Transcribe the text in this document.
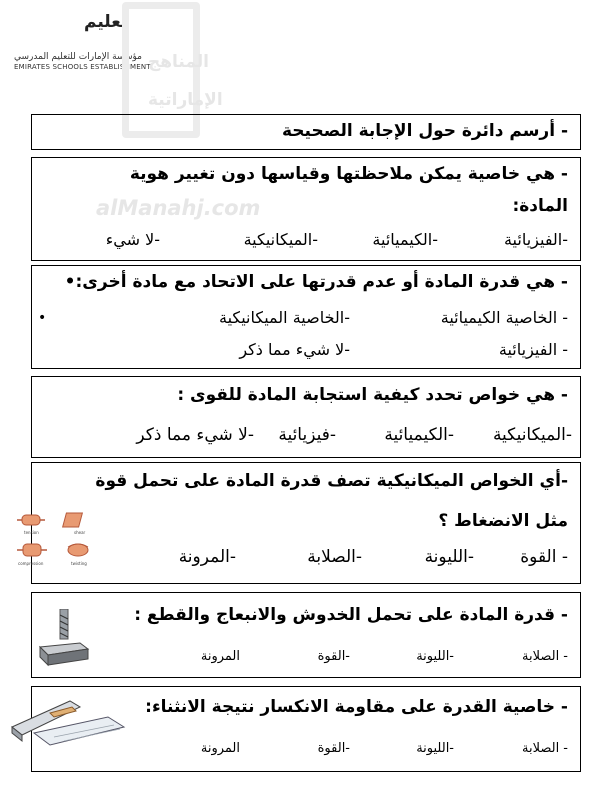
تعليم
مؤسسة الإمارات للتعليم المدرسي
EMIRATES SCHOOLS ESTABLISHMENT
المناهج
الإماراتية
alManahj.com
- أرسم دائرة حول الإجابة الصحيحة
- هي خاصية يمكن ملاحظتها وقياسها دون تغيير هوية
المادة:
-الفيزيائية
-الكيميائية
-الميكانيكية
-لا شيء
- هي قدرة المادة أو عدم قدرتها على الاتحاد مع مادة أخرى:•
- الخاصية الكيميائية
-الخاصية الميكانيكية
•
- الفيزيائية
-لا شيء مما ذكر
- هي خواص تحدد كيفية استجابة المادة للقوى :
-الميكانيكية
-الكيميائية
-فيزيائية
-لا شيء مما ذكر
-أي الخواص الميكانيكية تصف قدرة المادة على تحمل قوة
مثل الانضغاط ؟
- القوة
-الليونة
-الصلابة
-المرونة
tension	shear
compression	twisting
- قدرة المادة على تحمل الخدوش والانبعاج والقطع :
- الصلابة
-الليونة
-القوة
المرونة
- خاصية القدرة على مقاومة الانكسار نتيجة الانثناء:
- الصلابة
-الليونة
-القوة
المرونة
